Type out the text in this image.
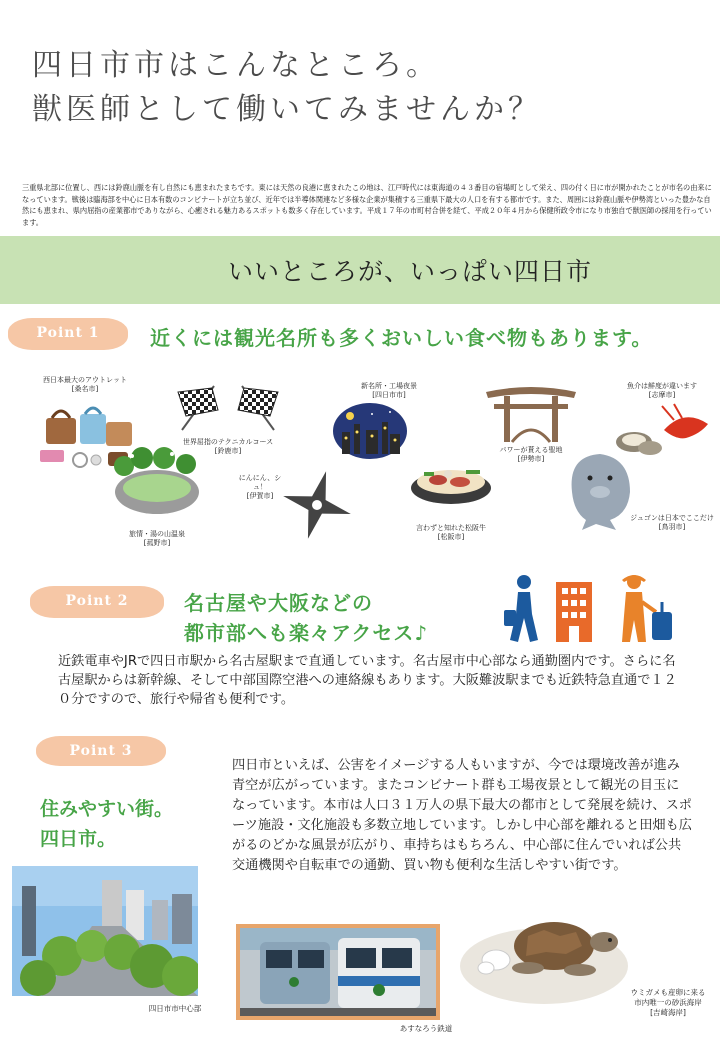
四日市市はこんなところ。
獣医師として働いてみませんか？
三重県北部に位置し、西には鈴鹿山脈を有し自然にも恵まれたまちです。東には天然の良港に恵まれたこの地は、江戸時代には東海道の４３番目の宿場町として栄え、四の付く日に市が開かれたことが市名の由来になっています。戦後は臨海部を中心に日本有数のコンビナートが立ち並び、近年では半導体関連など多様な企業が集積する三重県下最大の人口を有する都市です。また、周囲には鈴鹿山脈や伊勢湾といった豊かな自然にも恵まれ、県内屈指の産業都市でありながら、心癒される魅力あるスポットも数多く存在しています。平成１７年の市町村合併を経て、平成２０年４月から保健所政令市になり市独自で獣医師の採用を行っています。
いいところが、いっぱい四日市
Point 1	近くには観光名所も多くおいしい食べ物もあります。
西日本最大のアウトレット
[桑名市]
世界屈指のテクニカルコース
[鈴鹿市]
新名所・工場夜景
[四日市市]
パワーが貰える聖地
[伊勢市]
魚介は鮮度が違います
[志摩市]
旅情・湯の山温泉
[菰野市]
にんにん、シュ！
[伊賀市]
言わずと知れた松阪牛
[松阪市]
ジュゴンは日本でここだけ
[鳥羽市]
Point 2	名古屋や大阪などの
都市部へも楽々アクセス♪
近鉄電車やJRで四日市駅から名古屋駅まで直通しています。名古屋市中心部なら通勤圏内です。さらに名古屋駅からは新幹線、そして中部国際空港への連絡線もあります。大阪難波駅までも近鉄特急直通で１２０分ですので、旅行や帰省も便利です。
Point 3
住みやすい街。
四日市。
四日市といえば、公害をイメージする人もいますが、今では環境改善が進み青空が広がっています。またコンビナート群も工場夜景として観光の目玉になっています。本市は人口３１万人の県下最大の都市として発展を続け、スポーツ施設・文化施設も多数立地しています。しかし中心部を離れると田畑も広がるのどかな風景が広がり、車持ちはもちろん、中心部に住んでいれば公共交通機関や自転車での通勤、買い物も便利な生活しやすい街です。
四日市市中心部
あすなろう鉄道
ウミガメも産卵に来る
市内唯一の砂浜海岸
[吉崎海岸]
